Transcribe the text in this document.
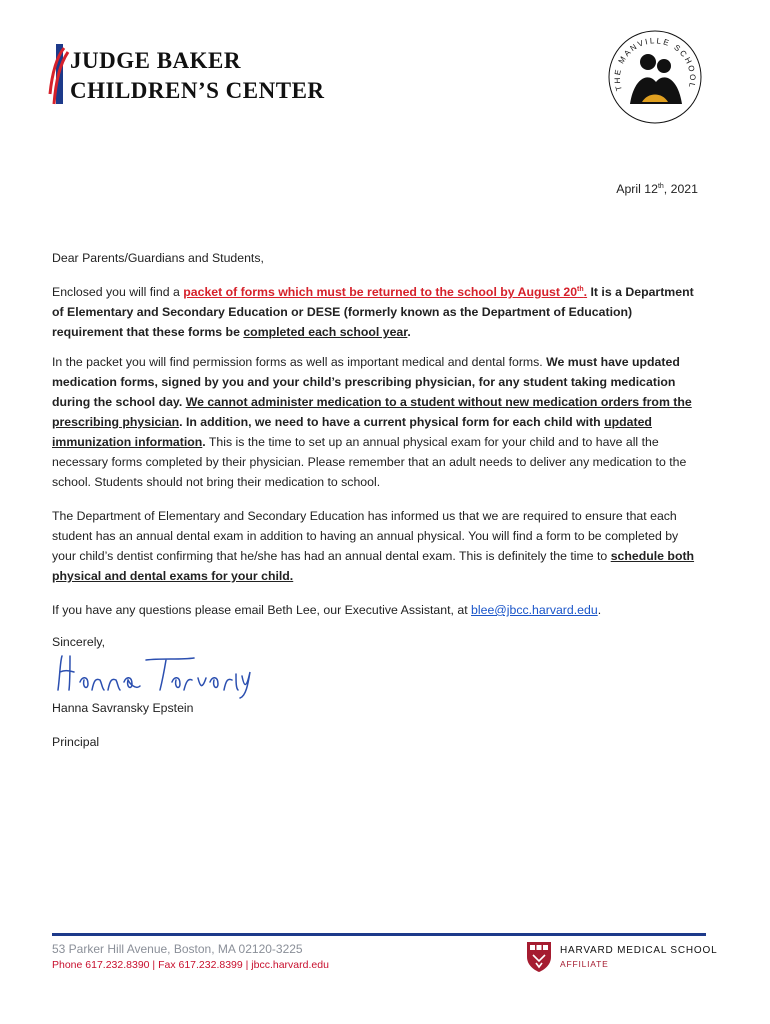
JUDGE BAKER
CHILDREN’S CENTER	THE MANVILLE SCHOOL
April 12th, 2021
Dear Parents/Guardians and Students,

Enclosed you will find a packet of forms which must be returned to the school by August 20th. It is a Department of Elementary and Secondary Education or DESE (formerly known as the Department of Education) requirement that these forms be completed each school year.

In the packet you will find permission forms as well as important medical and dental forms. We must have updated medication forms, signed by you and your child’s prescribing physician, for any student taking medication during the school day. We cannot administer medication to a student without new medication orders from the prescribing physician. In addition, we need to have a current physical form for each child with updated immunization information. This is the time to set up an annual physical exam for your child and to have all the necessary forms completed by their physician. Please remember that an adult needs to deliver any medication to the school. Students should not bring their medication to school.

The Department of Elementary and Secondary Education has informed us that we are required to ensure that each student has an annual dental exam in addition to having an annual physical. You will find a form to be completed by your child’s dentist confirming that he/she has had an annual dental exam. This is definitely the time to schedule both physical and dental exams for your child.

If you have any questions please email Beth Lee, our Executive Assistant, at blee@jbcc.harvard.edu.

Sincerely,
Hanna Savransky Epstein
Principal
53 Parker Hill Avenue, Boston, MA 02120-3225
Phone 617.232.8390 | Fax 617.232.8399 | jbcc.harvard.edu
HARVARD MEDICAL SCHOOL
AFFILIATE
